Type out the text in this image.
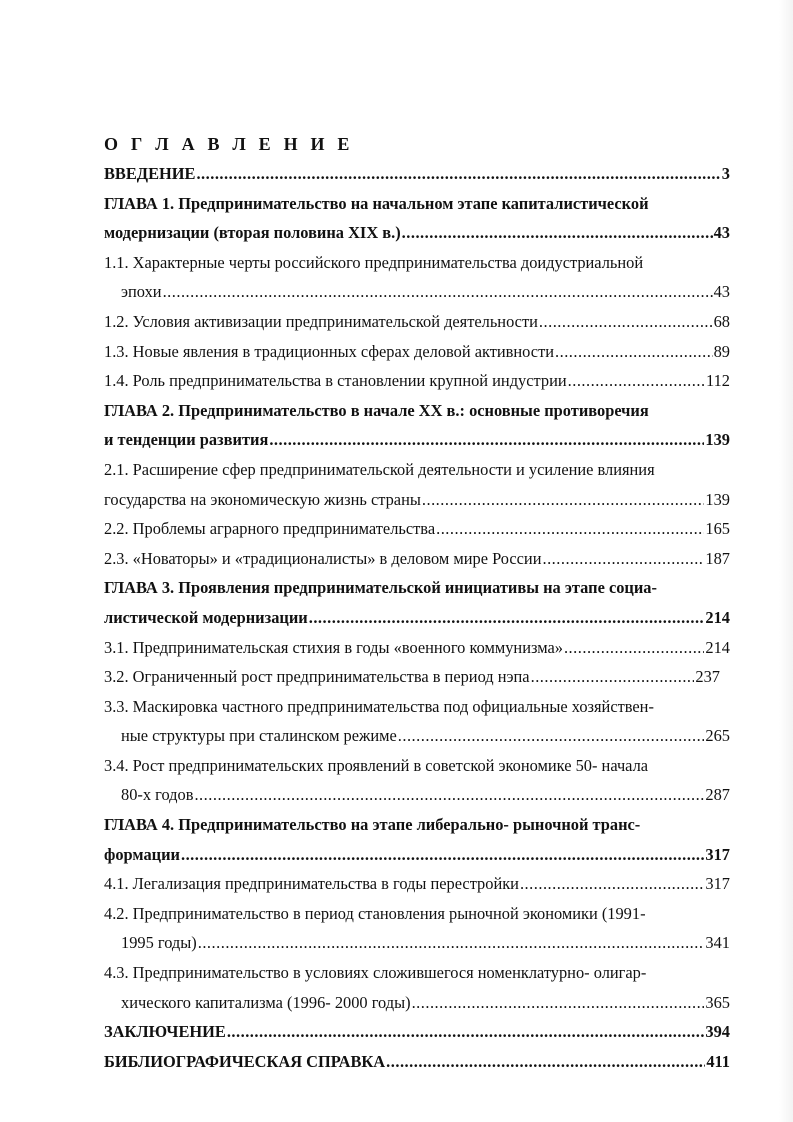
О Г Л А В Л Е Н И Е
ВВЕДЕНИЕ .....	3
ГЛАВА 1. Предпринимательство на начальном этапе капиталистической
модернизации (вторая половина XIX в.) .....	43
1.1. Характерные черты российского предпринимательства доидустриальной
эпохи .....	43
1.2. Условия активизации предпринимательской деятельности .....	68
1.3. Новые явления в традиционных сферах деловой активности .....	89
1.4. Роль предпринимательства в становлении крупной индустрии .....	112
ГЛАВА 2. Предпринимательство в начале XX в.: основные противоречия
и тенденции развития .....	139
2.1. Расширение сфер предпринимательской деятельности и усиление влияния
государства на экономическую жизнь страны .....	139
2.2. Проблемы аграрного предпринимательства .....	165
2.3. «Новаторы» и «традиционалисты» в деловом мире России .....	187
ГЛАВА 3. Проявления предпринимательской инициативы на этапе социа-
листической модернизации .....	214
3.1. Предпринимательская стихия в годы «военного коммунизма» .....	214
3.2. Ограниченный рост предпринимательства в период нэпа .....	237
3.3. Маскировка частного предпринимательства под официальные хозяйствен-
ные структуры при сталинском режиме .....	265
3.4. Рост предпринимательских проявлений в советской экономике 50- начала
80-х годов .....	287
ГЛАВА 4. Предпринимательство на этапе либерально- рыночной транс-
формации .....	317
4.1. Легализация предпринимательства в годы перестройки .....	317
4.2. Предпринимательство в период становления рыночной экономики (1991-
1995 годы) .....	341
4.3. Предпринимательство в условиях сложившегося номенклатурно- олигар-
хического капитализма (1996- 2000 годы) .....	365
ЗАКЛЮЧЕНИЕ .....	394
БИБЛИОГРАФИЧЕСКАЯ СПРАВКА .....	411
